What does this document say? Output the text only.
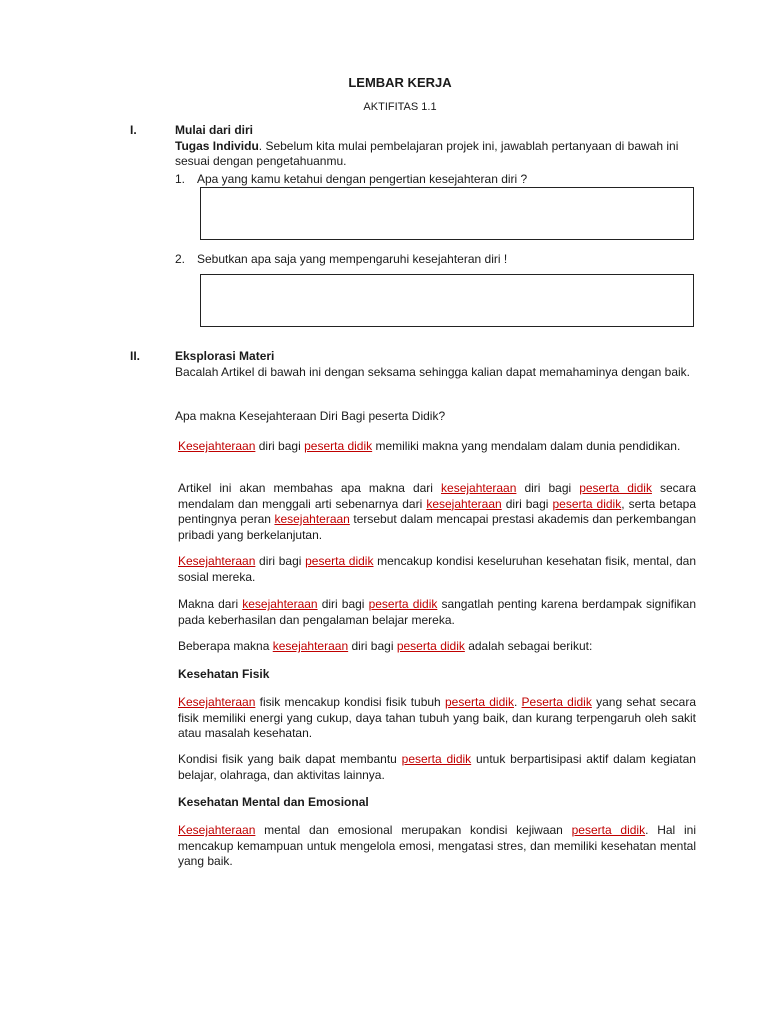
LEMBAR KERJA
AKTIFITAS 1.1
I.	Mulai dari diri
Tugas Individu. Sebelum kita mulai pembelajaran projek ini, jawablah pertanyaan di bawah ini sesuai dengan pengetahuanmu.
1. Apa yang kamu ketahui dengan pengertian kesejahteran diri ?
2. Sebutkan apa saja yang mempengaruhi kesejahteran diri !
II.	Eksplorasi Materi
Bacalah Artikel di bawah ini dengan seksama sehingga kalian dapat memahaminya dengan baik.
Apa makna Kesejahteraan Diri Bagi peserta Didik?
Kesejahteraan diri bagi peserta didik memiliki makna yang mendalam dalam dunia pendidikan.
Artikel ini akan membahas apa makna dari kesejahteraan diri bagi peserta didik secara mendalam dan menggali arti sebenarnya dari kesejahteraan diri bagi peserta didik, serta betapa pentingnya peran kesejahteraan tersebut dalam mencapai prestasi akademis dan perkembangan pribadi yang berkelanjutan.
Kesejahteraan diri bagi peserta didik mencakup kondisi keseluruhan kesehatan fisik, mental, dan sosial mereka.
Makna dari kesejahteraan diri bagi peserta didik sangatlah penting karena berdampak signifikan pada keberhasilan dan pengalaman belajar mereka.
Beberapa makna kesejahteraan diri bagi peserta didik adalah sebagai berikut:
Kesehatan Fisik
Kesejahteraan fisik mencakup kondisi fisik tubuh peserta didik. Peserta didik yang sehat secara fisik memiliki energi yang cukup, daya tahan tubuh yang baik, dan kurang terpengaruh oleh sakit atau masalah kesehatan.
Kondisi fisik yang baik dapat membantu peserta didik untuk berpartisipasi aktif dalam kegiatan belajar, olahraga, dan aktivitas lainnya.
Kesehatan Mental dan Emosional
Kesejahteraan mental dan emosional merupakan kondisi kejiwaan peserta didik. Hal ini mencakup kemampuan untuk mengelola emosi, mengatasi stres, dan memiliki kesehatan mental yang baik.
